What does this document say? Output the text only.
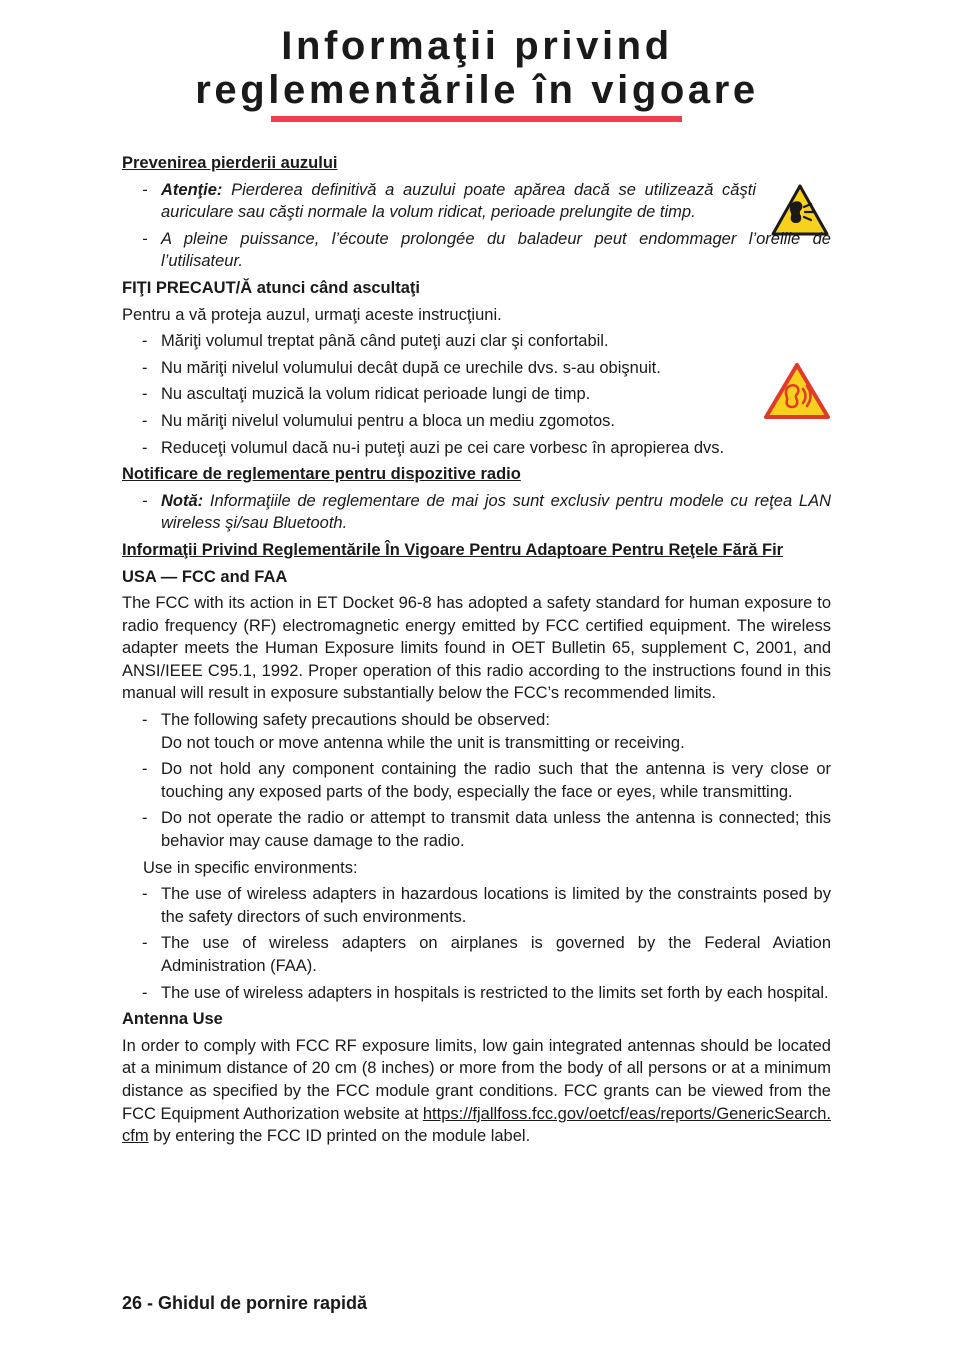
Informaţii privind
reglementările în vigoare
Prevenirea pierderii auzului
- Atenţie: Pierderea definitivă a auzului poate apărea dacă se utilizează căşti auriculare sau căşti normale la volum ridicat, perioade prelungite de timp.
- A pleine puissance, l’écoute prolongée du baladeur peut endommager l’oreille de l’utilisateur.
FIŢI PRECAUT/Ă atunci când ascultaţi
Pentru a vă proteja auzul, urmaţi aceste instrucţiuni.
- Măriţi volumul treptat până când puteţi auzi clar şi confortabil.
- Nu măriţi nivelul volumului decât după ce urechile dvs. s-au obişnuit.
- Nu ascultaţi muzică la volum ridicat perioade lungi de timp.
- Nu măriţi nivelul volumului pentru a bloca un mediu zgomotos.
- Reduceţi volumul dacă nu-i puteţi auzi pe cei care vorbesc în apropierea dvs.
Notificare de reglementare pentru dispozitive radio
- Notă: Informaţiile de reglementare de mai jos sunt exclusiv pentru modele cu reţea LAN wireless şi/sau Bluetooth.
Informaţii Privind Reglementările În Vigoare Pentru Adaptoare Pentru Reţele Fără Fir
USA — FCC and FAA
The FCC with its action in ET Docket 96-8 has adopted a safety standard for human exposure to radio frequency (RF) electromagnetic energy emitted by FCC certified equipment. The wireless adapter meets the Human Exposure limits found in OET Bulletin 65, supplement C, 2001, and ANSI/IEEE C95.1, 1992. Proper operation of this radio according to the instructions found in this manual will result in exposure substantially below the FCC’s recommended limits.
- The following safety precautions should be observed:
Do not touch or move antenna while the unit is transmitting or receiving.
- Do not hold any component containing the radio such that the antenna is very close or touching any exposed parts of the body, especially the face or eyes, while transmitting.
- Do not operate the radio or attempt to transmit data unless the antenna is connected; this behavior may cause damage to the radio.
Use in specific environments:
- The use of wireless adapters in hazardous locations is limited by the constraints posed by the safety directors of such environments.
- The use of wireless adapters on airplanes is governed by the Federal Aviation Administration (FAA).
- The use of wireless adapters in hospitals is restricted to the limits set forth by each hospital.
Antenna Use
In order to comply with FCC RF exposure limits, low gain integrated antennas should be located at a minimum distance of 20 cm (8 inches) or more from the body of all persons or at a minimum distance as specified by the FCC module grant conditions. FCC grants can be viewed from the FCC Equipment Authorization website at https://fjallfoss.fcc.gov/oetcf/eas/reports/GenericSearch.cfm by entering the FCC ID printed on the module label.
26 - Ghidul de pornire rapidă
